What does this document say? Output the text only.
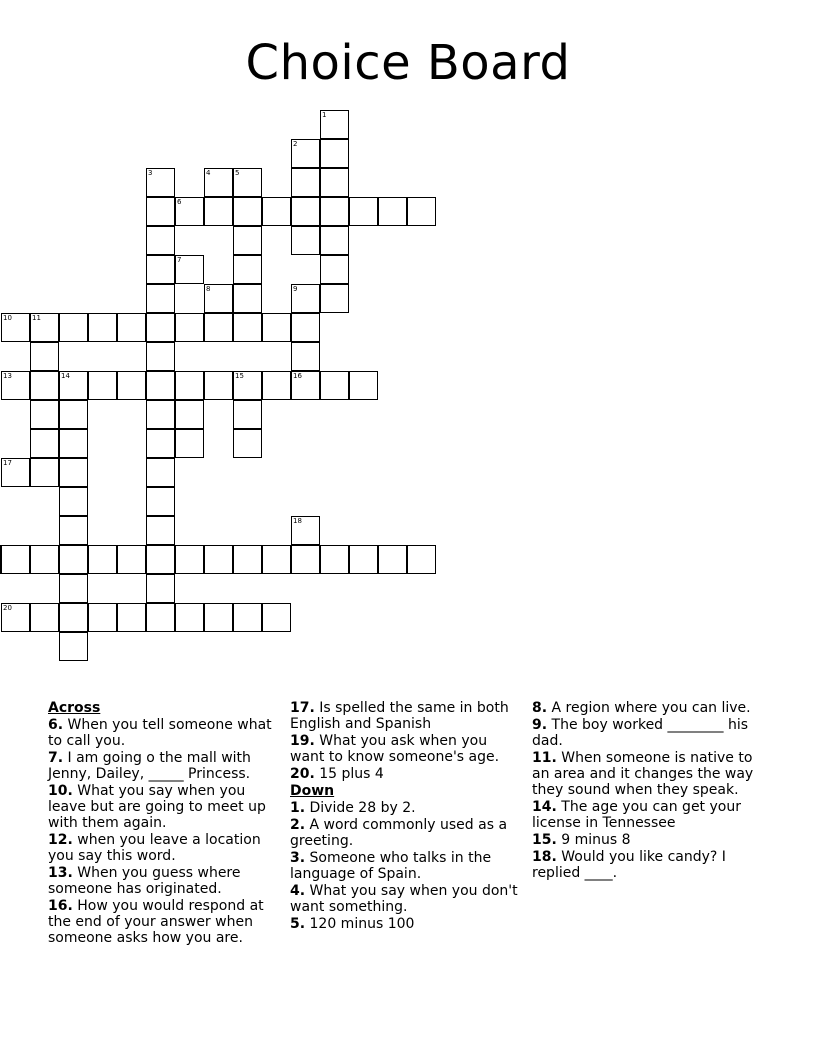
Choice Board
1
2
3	4	5
6
7
8	9
10	11
13	14	15	16
17
18
20
Across
6. When you tell someone what to call you.
7. I am going o the mall with Jenny, Dailey, _____ Princess.
10. What you say when you leave but are going to meet up with them again.
12. when you leave a location you say this word.
13. When you guess where someone has originated.
16. How you would respond at the end of your answer when someone asks how you are.
17. Is spelled the same in both English and Spanish
19. What you ask when you want to know someone's age.
20. 15 plus 4
Down
1. Divide 28 by 2.
2. A word commonly used as a greeting.
3. Someone who talks in the language of Spain.
4. What you say when you don't want something.
5. 120 minus 100
8. A region where you can live.
9. The boy worked ________ his dad.
11. When someone is native to an area and it changes the way they sound when they speak.
14. The age you can get your license in Tennessee
15. 9 minus 8
18. Would you like candy? I replied ____.
